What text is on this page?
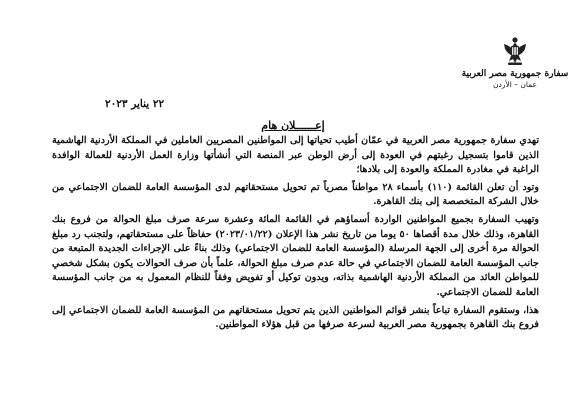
سفارة جمهورية مصر العربية
عمان – الأردن
٢٢ يناير ٢٠٢٣
إعــــــلان هام

تهدي سفارة جمهورية مصر العربية في عمّان أطيب تحياتها إلى المواطنين المصريين العاملين في المملكة الأردنية الهاشمية الذين قاموا بتسجيل رغبتهم في العودة إلى أرض الوطن عبر المنصة التي أنشأتها وزارة العمل الأردنية للعمالة الوافدة الراغبة في مغادرة المملكة والعودة إلى بلادها؛

وتود أن تعلن القائمة (١١٠) بأسماء ٢٨ مواطناً مصرياً تم تحويل مستحقاتهم لدى المؤسسة العامة للضمان الاجتماعي من خلال الشركة المتخصصة إلى بنك القاهرة.

وتهيب السفارة بجميع المواطنين الواردة أسماؤهم في القائمة المائة وعشرة سرعة صرف مبلغ الحوالة من فروع بنك القاهرة، وذلك خلال مدة أقصاها ٥٠ يوما من تاريخ نشر هذا الإعلان (٢٠٢٣/٠١/٢٢) حفاظاً على مستحقاتهم، ولتجنب رد مبلغ الحوالة مرة أخرى إلى الجهة المرسلة (المؤسسة العامة للضمان الاجتماعي) وذلك بناءً على الإجراءات الجديدة المتبعة من جانب المؤسسة العامة للضمان الاجتماعي في حالة عدم صرف مبلغ الحوالة، علماً بأن صرف الحوالات يكون بشكل شخصي للمواطن العائد من المملكة الأردنية الهاشمية بذاته، ويدون توكيل أو تفويض وفقاً للنظام المعمول به من جانب المؤسسة العامة للضمان الاجتماعي.

هذا، وستقوم السفارة تباعاً بنشر قوائم المواطنين الذين يتم تحويل مستحقاتهم من المؤسسة العامة للضمان الاجتماعي إلى فروع بنك القاهرة بجمهورية مصر العربية لسرعة صرفها من قبل هؤلاء المواطنين.
